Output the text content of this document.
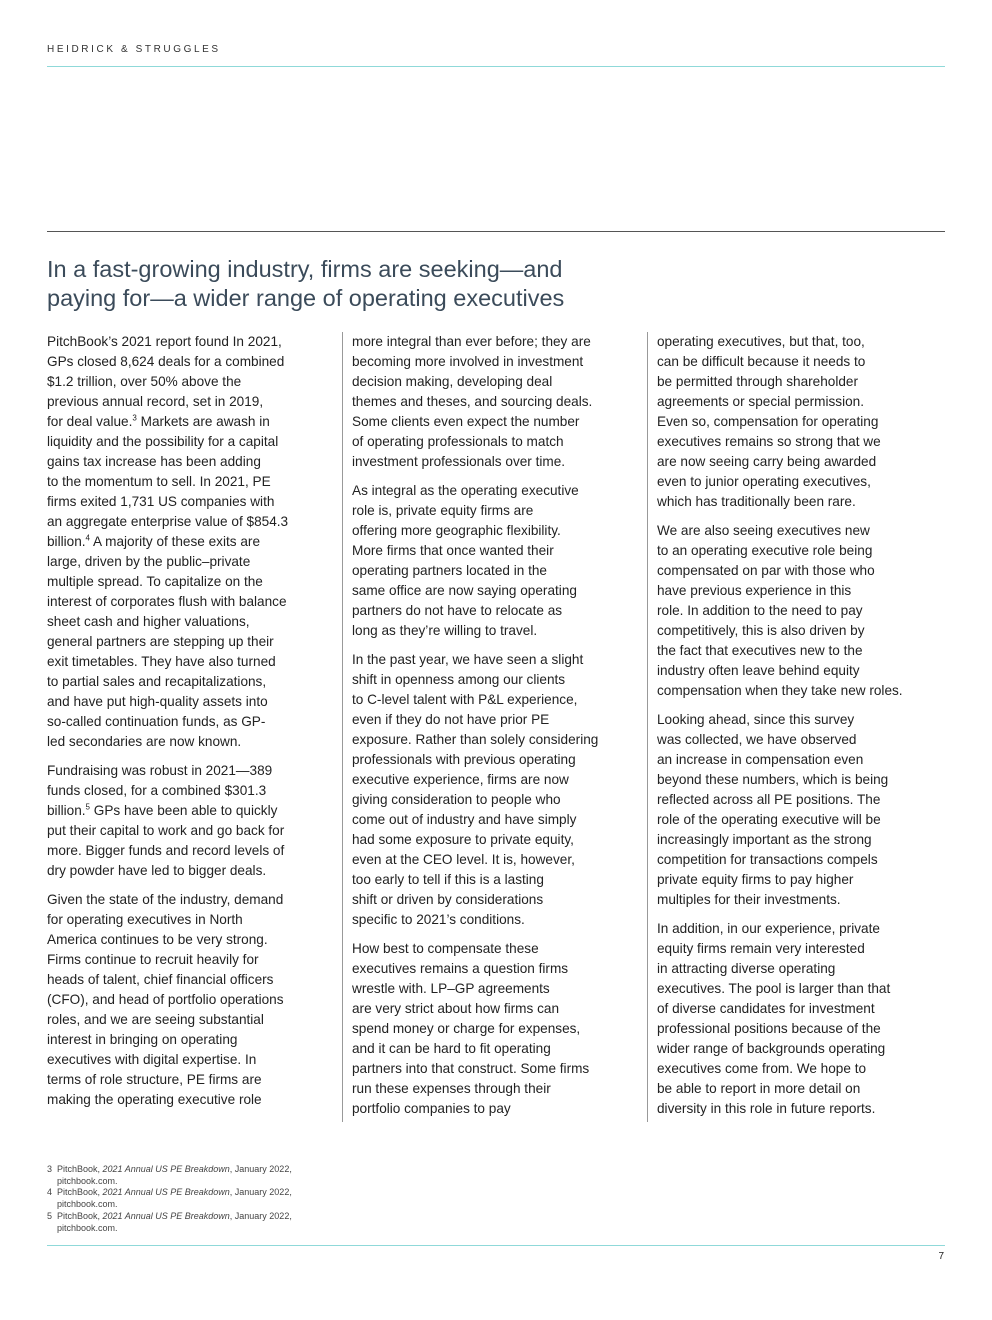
HEIDRICK & STRUGGLES
In a fast-growing industry, firms are seeking—and
paying for—a wider range of operating executives

PitchBook’s 2021 report found In 2021,
GPs closed 8,624 deals for a combined
$1.2 trillion, over 50% above the
previous annual record, set in 2019,
for deal value.$^3$ Markets are awash in
liquidity and the possibility for a capital
gains tax increase has been adding
to the momentum to sell. In 2021, PE
firms exited 1,731 US companies with
an aggregate enterprise value of $854.3
billion.$^4$ A majority of these exits are
large, driven by the public–private
multiple spread. To capitalize on the
interest of corporates flush with balance
sheet cash and higher valuations,
general partners are stepping up their
exit timetables. They have also turned
to partial sales and recapitalizations,
and have put high-quality assets into
so-called continuation funds, as GP-
led secondaries are now known.

Fundraising was robust in 2021—389
funds closed, for a combined $301.3
billion.$^5$ GPs have been able to quickly
put their capital to work and go back for
more. Bigger funds and record levels of
dry powder have led to bigger deals.

Given the state of the industry, demand
for operating executives in North
America continues to be very strong.
Firms continue to recruit heavily for
heads of talent, chief financial officers
(CFO), and head of portfolio operations
roles, and we are seeing substantial
interest in bringing on operating
executives with digital expertise. In
terms of role structure, PE firms are
making the operating executive role

more integral than ever before; they are
becoming more involved in investment
decision making, developing deal
themes and theses, and sourcing deals.
Some clients even expect the number
of operating professionals to match
investment professionals over time.

As integral as the operating executive
role is, private equity firms are
offering more geographic flexibility.
More firms that once wanted their
operating partners located in the
same office are now saying operating
partners do not have to relocate as
long as they’re willing to travel.

In the past year, we have seen a slight
shift in openness among our clients
to C-level talent with P&L experience,
even if they do not have prior PE
exposure. Rather than solely considering
professionals with previous operating
executive experience, firms are now
giving consideration to people who
come out of industry and have simply
had some exposure to private equity,
even at the CEO level. It is, however,
too early to tell if this is a lasting
shift or driven by considerations
specific to 2021’s conditions.

How best to compensate these
executives remains a question firms
wrestle with. LP–GP agreements
are very strict about how firms can
spend money or charge for expenses,
and it can be hard to fit operating
partners into that construct. Some firms
run these expenses through their
portfolio companies to pay

operating executives, but that, too,
can be difficult because it needs to
be permitted through shareholder
agreements or special permission.
Even so, compensation for operating
executives remains so strong that we
are now seeing carry being awarded
even to junior operating executives,
which has traditionally been rare.

We are also seeing executives new
to an operating executive role being
compensated on par with those who
have previous experience in this
role. In addition to the need to pay
competitively, this is also driven by
the fact that executives new to the
industry often leave behind equity
compensation when they take new roles.

Looking ahead, since this survey
was collected, we have observed
an increase in compensation even
beyond these numbers, which is being
reflected across all PE positions. The
role of the operating executive will be
increasingly important as the strong
competition for transactions compels
private equity firms to pay higher
multiples for their investments.

In addition, in our experience, private
equity firms remain very interested
in attracting diverse operating
executives. The pool is larger than that
of diverse candidates for investment
professional positions because of the
wider range of backgrounds operating
executives come from. We hope to
be able to report in more detail on
diversity in this role in future reports.

3 PitchBook, 2021 Annual US PE Breakdown, January 2022,
pitchbook.com.
4 PitchBook, 2021 Annual US PE Breakdown, January 2022,
pitchbook.com.
5 PitchBook, 2021 Annual US PE Breakdown, January 2022,
pitchbook.com.
7
